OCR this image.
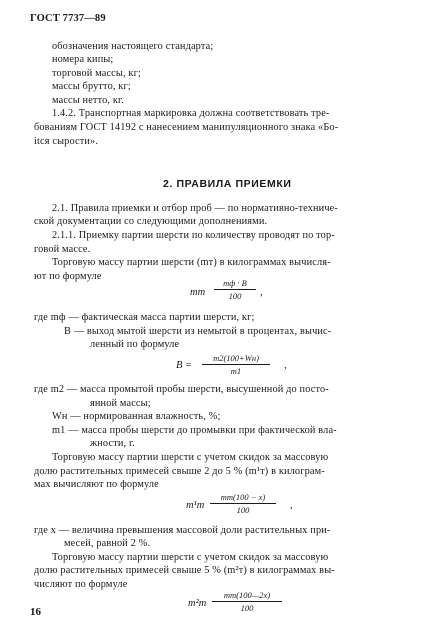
ГОСТ 7737—89
обозначения настоящего стандарта;
номера кипы;
торговой массы, кг;
массы брутто, кг;
массы нетто, кг.
1.4.2. Транспортная маркировка должна соответствовать тре-
бованиям ГОСТ 14192 с нанесением манипуляционного знака «Бо-
itся сырости».
2. ПРАВИЛА ПРИЕМКИ
2.1. Правила приемки и отбор проб — по нормативно-техниче-
ской документации со следующими дополнениями.
2.1.1. Приемку партии шерсти по количеству проводят по тор-
говой массе.
Торговую массу партии шерсти (mт) в килограммах вычисля-
ют по формуле
mт
mф · B
100	,
где mф — фактическая масса партии шерсти, кг;
B — выход мытой шерсти из немытой в процентах, вычис-
ленный по формуле
B =
m2(100+Wн)
m1	,
где m2 — масса промытой пробы шерсти, высушенной до посто-
янной массы;
Wн — нормированная влажность, %;
m1 — масса пробы шерсти до промывки при фактической вла-
жности, г.
Торговую массу партии шерсти с учетом скидок за массовую
долю растительных примесей свыше 2 до 5 % (m¹т) в килограм-
мах вычисляют по формуле
m¹т
mт(100 − x)
100	,
где x — величина превышения массовой доли растительных при-
месей, равной 2 %.
Торговую массу партии шерсти с учетом скидок за массовую
долю растительных примесей свыше 5 % (m²т) в килограммах вы-
числяют по формуле
m²т
mт(100—2x)
100
16
